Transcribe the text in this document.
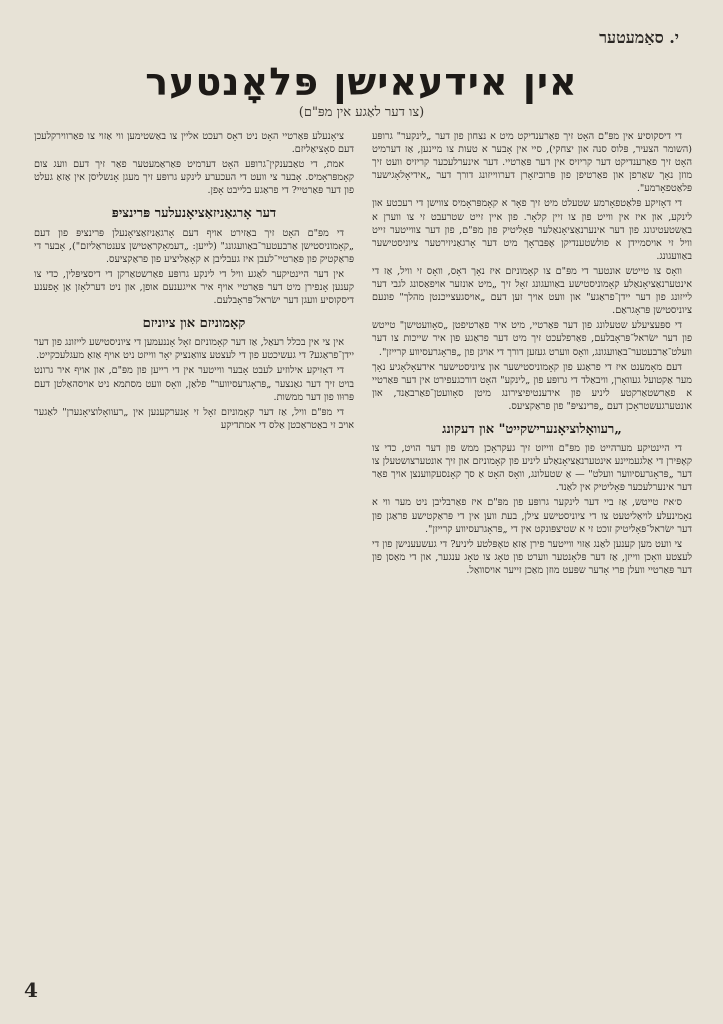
י. סאַמעטער
אין אידעאישן פּלאָנטער
(צו דער לאַגע אין מפּ"ם)

די דיסקוסיע אין מפּ"ם האָט זיך פאַרענדיקט מיט א נצחון פון דער „לינקער" גרופּע (השומר הצעיר, פּלוס סנה און יצחקי), סיי אין אָבער א טעות צו מיינען, אַז דערמיט האָט זיך פאַרענדיקט דער קריזיס אין דער פּאַרטיי. דער אינערלעכער קריזיס וועט זיך מוזן נאָך שאַרפן און פאַרטיפן פון פּרוביזאָרן דערווייזונג דורך דער „אידיאָלאָגישער פּלאַטפאָרמע".

די דאָזיקע פּלאַטפאָרמע שטעלט מיט זיך פאָר א קאָמפּראָמיס צווישן די רעכטע און לינקע, און איז אין ווייט פון צו זיין קלאָר. פון איין זייט שטרעבט זי צו ווערן א באַשטעטיגונג פון דער אינערנאַציאָנאַלער פּאָליטיק פון מפּ"ם, פון דער צווייטער זייט וויל זי אויסמיידן א פולשטענדיקן אָפּבראָך מיט דער אָרגאַניזירטער ציוניסטישער באַוועגונג.

וואָס צו טייטש אונטער די מפּ"ם צו קאָמוניזם איז נאָך דאָס, וואָס זי וויל, אַז די אינטערנאַציאָנאַלע קאָמוניסטישע באַוועגונג זאָל זיך „מיט אונזער אויפאַסונג לגבי דער לייזונג פון דער יידן־פראַגע" און וועט אויך זען דעם „אויסגעצייכנטן מהלך" פונעם ציוניסטישן פּראָגראַם.

די ספּעציעלע שטעלונג פון דער פּאַרטיי, מיט איר פאַרטיפטן „סאָוועטישן" טייטש פון דער ישׂראל־פּראָבלעם, פאַרפלעכט זיך מיט דער פראַגע פון איר שייכות צו דער וועלט־אַרבעטער־באַוועגונג, וואָס ווערט געזען דורך די אויגן פון „פּראָגרעסיווע קרייזן".

דעם מאָמענט איז די פראַגע פון קאָמוניסטישער און ציוניסטישער אידעאָלאָגיע נאָך מער אַקטועל געוואָרן, וויבאַלד די גרופּע פון „לינקע" האָט דורכגעפירט אין דער פּאַרטיי א פאַרשטאַרקטע ליניע פון אידענטיפיצירונג מיטן סאָוועטן־פאַרבאַנד, און אונטערגעשטראָכן דעם „פּרינציפּ" פון פראַקציעס.

„רעוואָלוציאָנערישקייט" און דעקונג

די היינטיקע מערהייט פון מפּ"ם ווייזט זיך געקראָכן ממש פון דער הויט, כדי צו קאָפּירן די אַלגעמיינע אינטערנאַציאָנאַלע ליניע פון קאָמוניזם און זיך אונטערצושטעלן צו דער „פּראָגרעסיווער וועלט" — אַ שטעלונג, וואָס האָט אַ סך קאָנסעקווענצן אויך פאַר דער אינערלעכער פּאָליטיק אין לאַנד.

ס׳איז טייטש, אַז ביי דער לינקער גרופּע פון מפּ"ם איז פאַרבליבן ניט מער ווי א נאָמינעלע לויאַליטעט צו די ציוניסטישע צילן, בעת ווען אין די פּראַקטישע פראַגן פון דער ישׂראל־פּאָליטיק זוכט זי א שטיצפּונקט אין די „פּראָגרעסיווע קרייזן".

צי וועט מען קענען לאַנג אַזוי ווייטער פירן אַזאַ טאָפּלטע ליניע? די געשעענישן פון די לעצטע וואָכן ווייזן, אַז דער פּלאָנטער ווערט פון טאָג צו טאָג ענגער, און די מאַסן פון דער פּאַרטיי וועלן פרי אָדער שפּעט מוזן מאַכן זייער אויסוואַל.

ציאָנעלע פּאַרטיי האָט ניט דאָס רעכט אליין צו באַשטימען ווי אַזוי צו פאַרווירקלעכן דעם סאָציאַליזם.

אמת, די טאַבענקין־גרופּע האָט דערמיט פּאַראַמעטער פאַר זיך דעם וועג צום קאָמפּראָמיס. אָבער צי וועט די העכערע לינקע גרופּע זיך מעגן אָנשליסן אין אַזאַ געלט פון דער פּאַרטיי? די פראַגע בלייבט אָפן.

דער אָרגאַניזאַציאָנעלער פּרינציפּ

די מפּ"ם האָט זיך באַזירט אויף דעם אָרגאַניזאַציאָנעלן פּרינציפּ פון דעם „קאָמוניסטישן אַרבעטער־באַוועגונג" (לייען: „דעמאָקראַטישן צענטראַליזם"), אָבער די פּראַקטיק פון פּאַרטיי־לעבן איז געבליבן א קאָאַליציע פון פראַקציעס.

אין דער היינטיקער לאַגע וויל די לינקע גרופּע פאַרשטאַרקן די דיסציפּלין, כדי צו קענען אָנפירן מיט דער פּאַרטיי אויף איר אייגענעם אופן, און ניט דערלאָזן אַן אָפענע דיסקוסיע וועגן דער ישׂראל־פּראָבלעם.

קאָמוניזם און ציוניזם

אין צי אין בכלל רעאַל, אַז דער קאָמוניזם זאָל אָננעמען די ציוניסטישע לייזונג פון דער יידן־פראַגע? די געשיכטע פון די לעצטע צוואַנציק יאָר ווייזט ניט אויף אַזאַ מעגלעכקייט.

די דאָזיקע אילוזיע לעבט אָבער ווייטער אין די רייען פון מפּ"ם, און אויף איר גרונט בויט זיך דער גאַנצער „פּראָגרעסיווער" פלאַן, וואָס וועט מסתמא ניט אויסהאַלטן דעם פּרוּוו פון דער ממשות.

די מפּ"ם וויל, אַז דער קאָמוניזם זאָל זי אָנערקענען אין „רעוואָלוציאָנערן" לאַגער אויב זי באַטראַכטן אַלס די אמתדיקע

4
